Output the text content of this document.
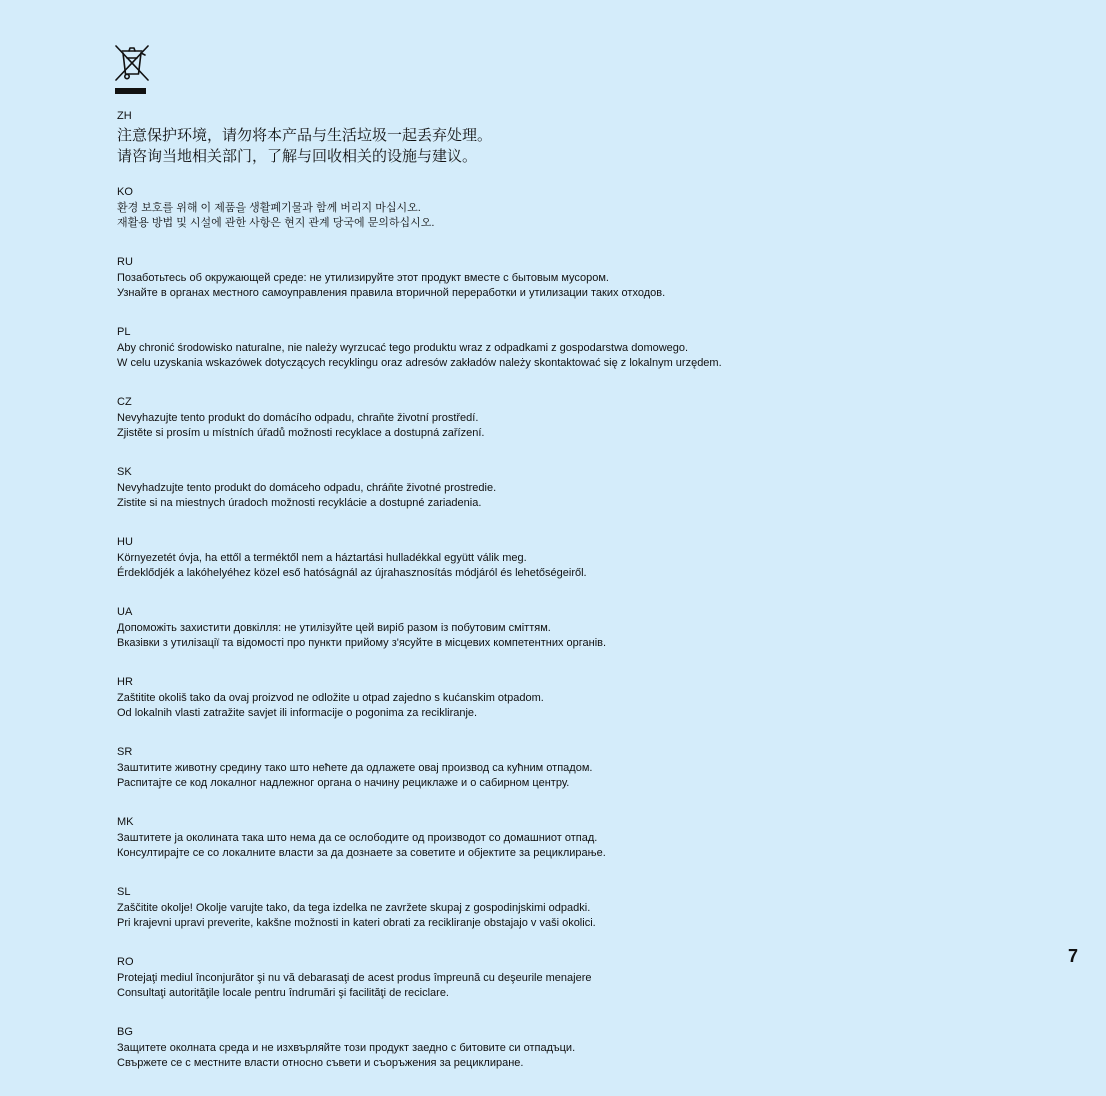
ZH
注意保护环境，请勿将本产品与生活垃圾一起丢弃处理。
请咨询当地相关部门，了解与回收相关的设施与建议。
KO
환경 보호를 위해 이 제품을 생활폐기물과 함께 버리지 마십시오.
재활용 방법 및 시설에 관한 사항은 현지 관계 당국에 문의하십시오.
RU
Позаботьтесь об окружающей среде: не утилизируйте этот продукт вместе с бытовым мусором.
Узнайте в органах местного самоуправления правила вторичной переработки и утилизации таких отходов.
PL
Aby chronić środowisko naturalne, nie należy wyrzucać tego produktu wraz z odpadkami z gospodarstwa domowego.
W celu uzyskania wskazówek dotyczących recyklingu oraz adresów zakładów należy skontaktować się z lokalnym urzędem.
CZ
Nevyhazujte tento produkt do domácího odpadu, chraňte životní prostředí.
Zjistěte si prosím u místních úřadů možnosti recyklace a dostupná zařízení.
SK
Nevyhadzujte tento produkt do domáceho odpadu, chráňte životné prostredie.
Zistite si na miestnych úradoch možnosti recyklácie a dostupné zariadenia.
HU
Környezetét óvja, ha ettől a terméktől nem a háztartási hulladékkal együtt válik meg.
Érdeklődjék a lakóhelyéhez közel eső hatóságnál az újrahasznosítás módjáról és lehetőségeiről.
UA
Допоможіть захистити довкілля: не утилізуйте цей виріб разом із побутовим сміттям.
Вказівки з утилізації та відомості про пункти прийому з'ясуйте в місцевих компетентних органів.
HR
Zaštitite okoliš tako da ovaj proizvod ne odložite u otpad zajedno s kućanskim otpadom.
Od lokalnih vlasti zatražite savjet ili informacije o pogonima za recikliranje.
SR
Заштитите животну средину тако што нећете да одлажете овај производ са кућним отпадом.
Распитајте се код локалног надлежног органа о начину рециклаже и о сабирном центру.
MK
Заштитете ја околината така што нема да се ослободите од производот со домашниот отпад.
Консултирајте се со локалните власти за да дознаете за советите и објектите за рециклирање.
SL
Zaščitite okolje! Okolje varujte tako, da tega izdelka ne zavržete skupaj z gospodinjskimi odpadki.
Pri krajevni upravi preverite, kakšne možnosti in kateri obrati za recikliranje obstajajo v vaši okolici.
RO
Protejaţi mediul înconjurător şi nu vă debarasaţi de acest produs împreună cu deşeurile menajere
Consultaţi autorităţile locale pentru îndrumări şi facilităţi de reciclare.
BG
Защитете околната среда и не изхвърляйте този продукт заедно с битовите си отпадъци.
Свържете се с местните власти относно съвети и съоръжения за рециклиране.
7
